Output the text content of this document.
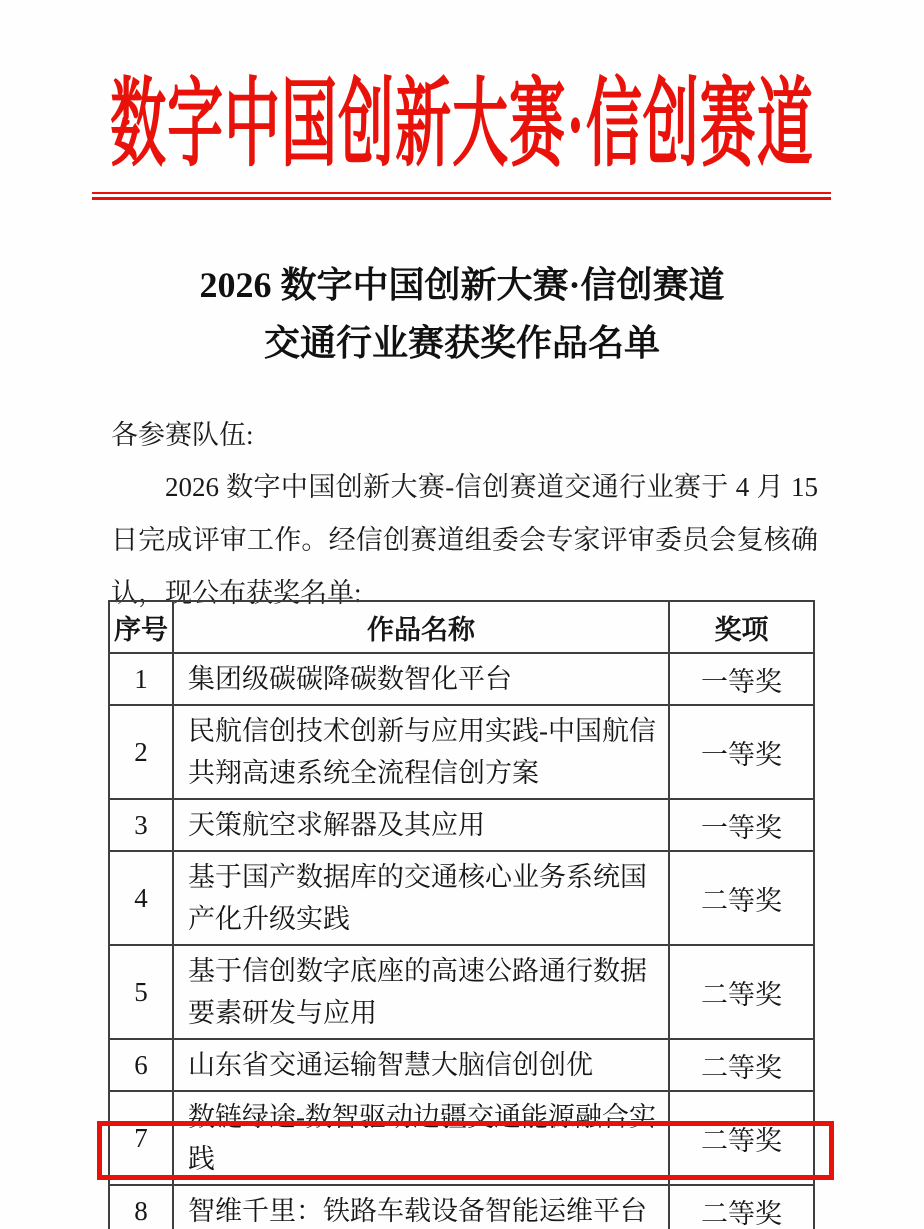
数字中国创新大赛·信创赛道
2026 数字中国创新大赛·信创赛道
交通行业赛获奖作品名单
各参赛队伍:
2026 数字中国创新大赛-信创赛道交通行业赛于 4 月 15 日完成评审工作。经信创赛道组委会专家评审委员会复核确认，现公布获奖名单:
序号	作品名称	奖项
1	集团级碳碳降碳数智化平台	一等奖
2	民航信创技术创新与应用实践-中国航信共翔高速系统全流程信创方案	一等奖
3	天策航空求解器及其应用	一等奖
4	基于国产数据库的交通核心业务系统国产化升级实践	二等奖
5	基于信创数字底座的高速公路通行数据要素研发与应用	二等奖
6	山东省交通运输智慧大脑信创创优	二等奖
7	数链绿途-数智驱动边疆交通能源融合实践	二等奖
8	智维千里：铁路车载设备智能运维平台	二等奖
